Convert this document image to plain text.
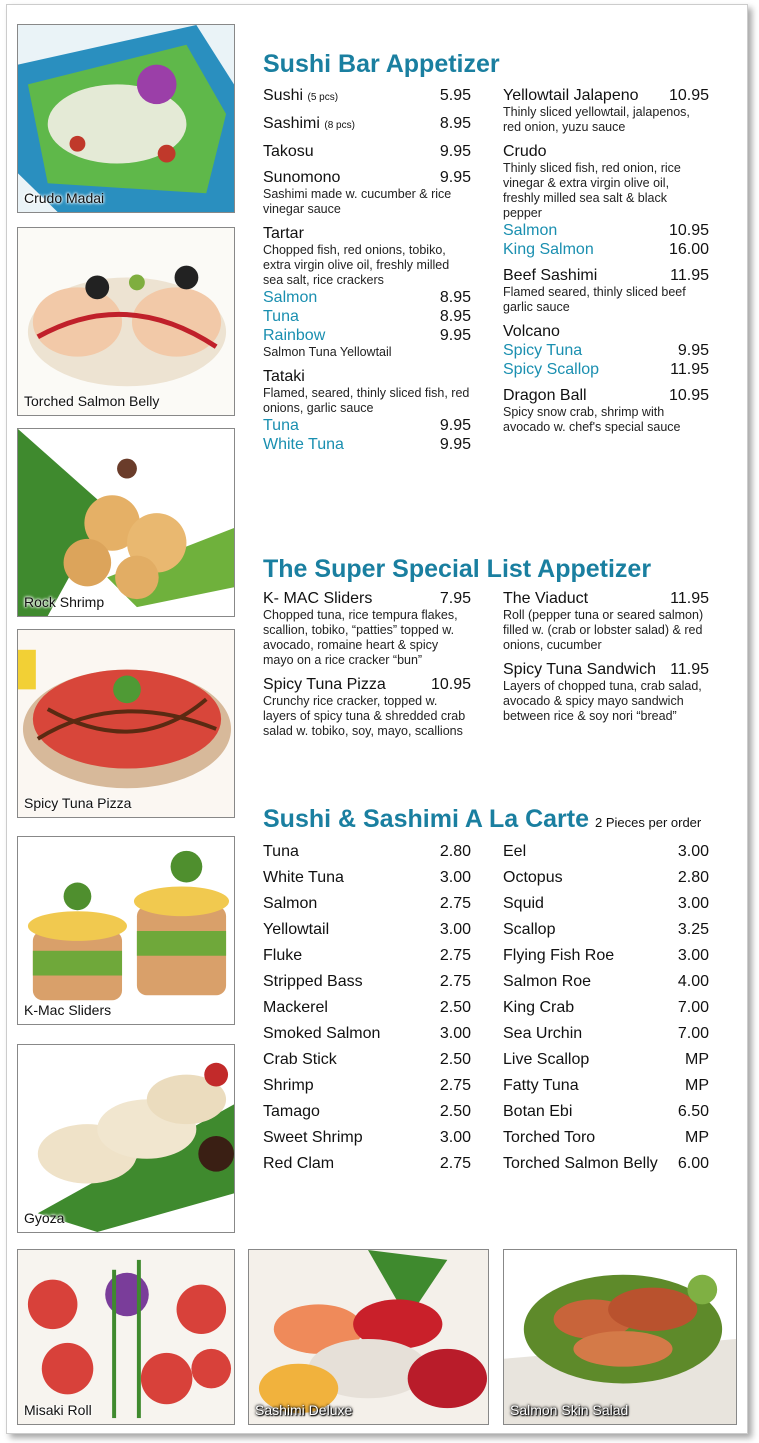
Crudo Madai
Torched Salmon Belly
Rock Shrimp
Spicy Tuna Pizza
K-Mac Sliders
Gyoza
Misaki Roll	Sashimi Deluxe	Salmon Skin Salad
Sushi Bar Appetizer
The Super Special List Appetizer
Sushi & Sashimi A La Carte 2 Pieces per order
Sushi (5 pcs)	5.95
Sashimi (8 pcs)	8.95
Takosu	9.95
Sunomono	9.95
Sashimi made w. cucumber & rice vinegar sauce
Tartar
Chopped fish, red onions, tobiko, extra virgin olive oil, freshly milled sea salt, rice crackers
Salmon	8.95
Tuna	8.95
Rainbow	9.95
Salmon Tuna Yellowtail
Tataki
Flamed, seared, thinly sliced fish, red onions, garlic sauce
Tuna	9.95
White Tuna	9.95
Yellowtail Jalapeno 10.95
Thinly sliced yellowtail, jalapenos, red onion, yuzu sauce
Crudo
Thinly sliced fish, red onion, rice vinegar & extra virgin olive oil, freshly milled sea salt & black pepper
Salmon	10.95
King Salmon	16.00
Beef Sashimi	11.95
Flamed seared, thinly sliced beef garlic sauce
Volcano
Spicy Tuna	9.95
Spicy Scallop	11.95
Dragon Ball	10.95
Spicy snow crab, shrimp with avocado w. chef's special sauce
K- MAC Sliders	7.95
Chopped tuna, rice tempura flakes, scallion, tobiko, “patties” topped w. avocado, romaine heart & spicy mayo on a rice cracker “bun”
Spicy Tuna Pizza	10.95
Crunchy rice cracker, topped w. layers of spicy tuna & shredded crab salad w. tobiko, soy, mayo, scallions
The Viaduct	11.95
Roll (pepper tuna or seared salmon) filled w. (crab or lobster salad) & red onions, cucumber
Spicy Tuna Sandwich 11.95
Layers of chopped tuna, crab salad, avocado & spicy mayo sandwich between rice & soy nori “bread”
Tuna	2.80
White Tuna	3.00
Salmon	2.75
Yellowtail	3.00
Fluke	2.75
Stripped Bass	2.75
Mackerel	2.50
Smoked Salmon	3.00
Crab Stick	2.50
Shrimp	2.75
Tamago	2.50
Sweet Shrimp	3.00
Red Clam	2.75
Eel	3.00
Octopus	2.80
Squid	3.00
Scallop	3.25
Flying Fish Roe	3.00
Salmon Roe	4.00
King Crab	7.00
Sea Urchin	7.00
Live Scallop	MP
Fatty Tuna	MP
Botan Ebi	6.50
Torched Toro	MP
Torched Salmon Belly 6.00
